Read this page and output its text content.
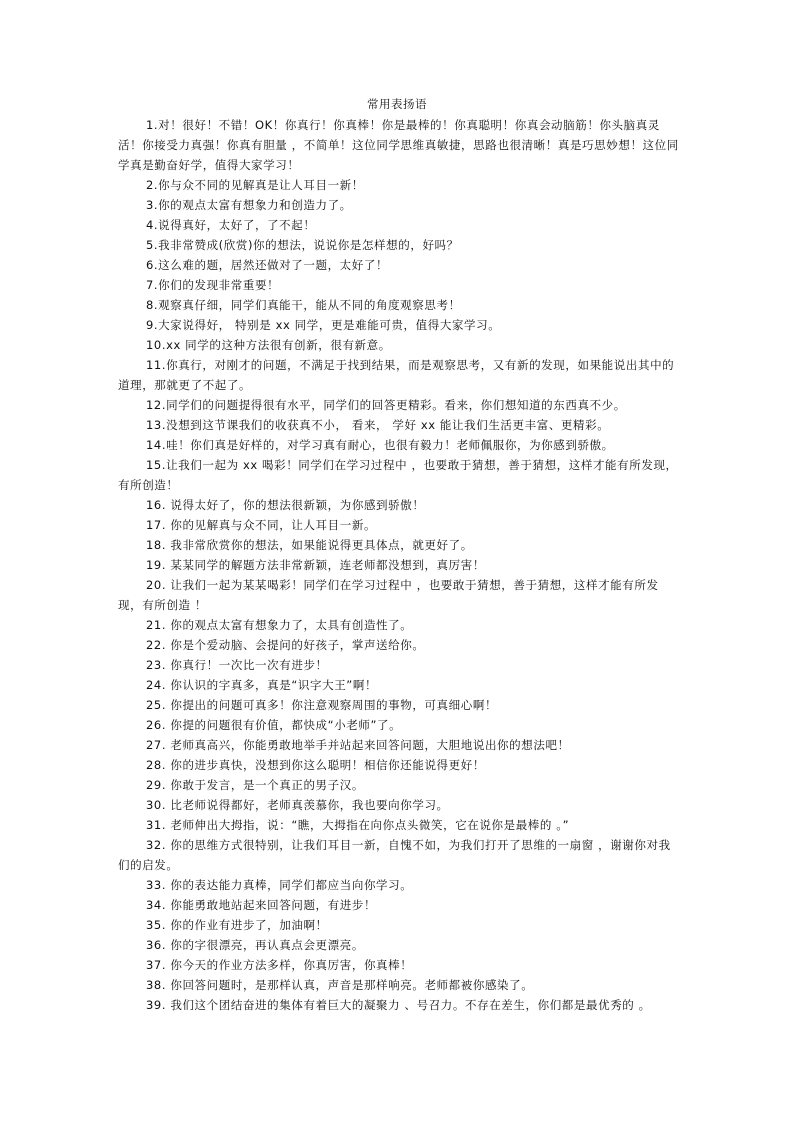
常用表扬语

1.对！很好！不错！OK！你真行！你真棒！你是最棒的！你真聪明！你真会动脑筋！你头脑真灵活！你接受力真强！你真有胆量 ，不简单！这位同学思维真敏捷，思路也很清晰！真是巧思妙想！这位同学真是勤奋好学，值得大家学习！

2.你与众不同的见解真是让人耳目一新！

3.你的观点太富有想象力和创造力了。

4.说得真好，太好了，了不起！

5.我非常赞成(欣赏)你的想法，说说你是怎样想的，好吗？

6.这么难的题，居然还做对了一题，太好了！

7.你们的发现非常重要！

8.观察真仔细，同学们真能干，能从不同的角度观察思考！

9.大家说得好， 特别是 xx 同学，更是难能可贵，值得大家学习。

10.xx 同学的这种方法很有创新，很有新意。

11.你真行，对刚才的问题，不满足于找到结果，而是观察思考，又有新的发现，如果能说出其中的道理，那就更了不起了。

12.同学们的问题提得很有水平，同学们的回答更精彩。看来，你们想知道的东西真不少。

13.没想到这节课我们的收获真不小， 看来， 学好 xx 能让我们生活更丰富、更精彩。

14.哇！你们真是好样的，对学习真有耐心，也很有毅力！老师佩服你，为你感到骄傲。

15.让我们一起为 xx 喝彩！同学们在学习过程中 ，也要敢于猜想，善于猜想，这样才能有所发现，有所创造！

16. 说得太好了，你的想法很新颖，为你感到骄傲！

17. 你的见解真与众不同，让人耳目一新。

18. 我非常欣赏你的想法，如果能说得更具体点，就更好了。

19. 某某同学的解题方法非常新颖，连老师都没想到，真厉害！

20. 让我们一起为某某喝彩！同学们在学习过程中 ，也要敢于猜想，善于猜想，这样才能有所发现，有所创造 ！

21. 你的观点太富有想象力了，太具有创造性了。

22. 你是个爱动脑、会提问的好孩子，掌声送给你。

23. 你真行！一次比一次有进步！

24. 你认识的字真多，真是“识字大王”啊！

25. 你提出的问题可真多！你注意观察周围的事物，可真细心啊！

26. 你提的问题很有价值，都快成“小老师”了。

27. 老师真高兴，你能勇敢地举手并站起来回答问题，大胆地说出你的想法吧！

28. 你的进步真快，没想到你这么聪明！相信你还能说得更好！

29. 你敢于发言，是一个真正的男子汉。

30. 比老师说得都好，老师真羡慕你，我也要向你学习。

31. 老师伸出大拇指，说：“瞧，大拇指在向你点头微笑，它在说你是最棒的 。”

32. 你的思维方式很特别，让我们耳目一新，自愧不如，为我们打开了思维的一扇窗 ，谢谢你对我们的启发。

33. 你的表达能力真棒，同学们都应当向你学习。

34. 你能勇敢地站起来回答问题，有进步！

35. 你的作业有进步了，加油啊！

36. 你的字很漂亮，再认真点会更漂亮。

37. 你今天的作业方法多样，你真厉害，你真棒！

38. 你回答问题时，是那样认真，声音是那样响亮。老师都被你感染了。

39. 我们这个团结奋进的集体有着巨大的凝聚力 、号召力。不存在差生，你们都是最优秀的 。
